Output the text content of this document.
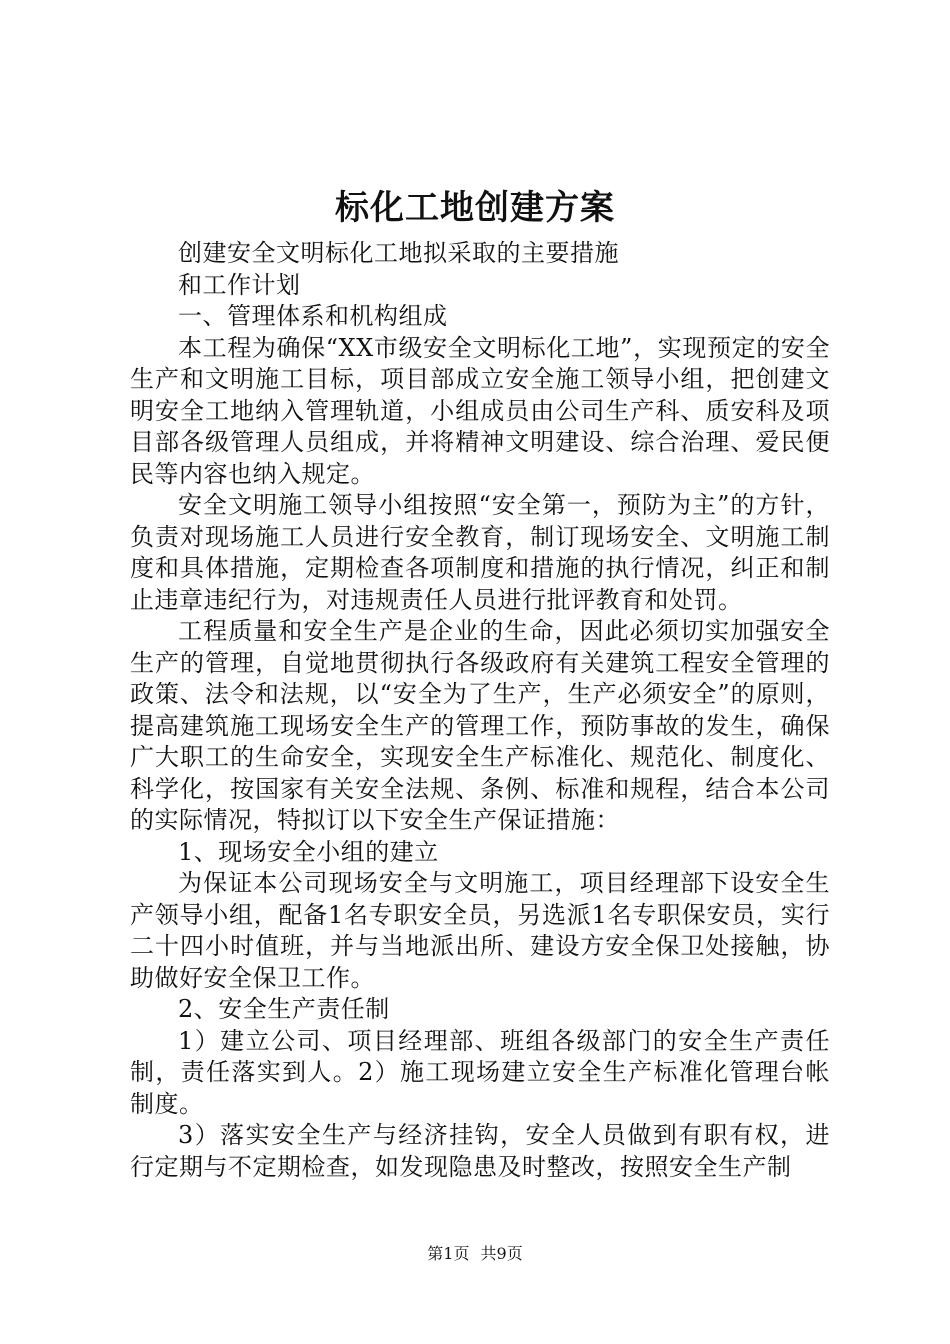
标化工地创建方案

创建安全文明标化工地拟采取的主要措施

和工作计划

一、管理体系和机构组成

本工程为确保“XX市级安全文明标化工地”，实现预定的安全生产和文明施工目标，项目部成立安全施工领导小组，把创建文明安全工地纳入管理轨道，小组成员由公司生产科、质安科及项目部各级管理人员组成，并将精神文明建设、综合治理、爱民便民等内容也纳入规定。

安全文明施工领导小组按照“安全第一，预防为主”的方针，负责对现场施工人员进行安全教育，制订现场安全、文明施工制度和具体措施，定期检查各项制度和措施的执行情况，纠正和制止违章违纪行为，对违规责任人员进行批评教育和处罚。

工程质量和安全生产是企业的生命，因此必须切实加强安全生产的管理，自觉地贯彻执行各级政府有关建筑工程安全管理的政策、法令和法规，以“安全为了生产，生产必须安全”的原则，提高建筑施工现场安全生产的管理工作，预防事故的发生，确保广大职工的生命安全，实现安全生产标准化、规范化、制度化、科学化，按国家有关安全法规、条例、标准和规程，结合本公司的实际情况，特拟订以下安全生产保证措施：

1、现场安全小组的建立

为保证本公司现场安全与文明施工，项目经理部下设安全生产领导小组，配备1名专职安全员，另选派1名专职保安员，实行二十四小时值班，并与当地派出所、建设方安全保卫处接触，协助做好安全保卫工作。

2、安全生产责任制

1）建立公司、项目经理部、班组各级部门的安全生产责任制，责任落实到人。2）施工现场建立安全生产标准化管理台帐制度。

3）落实安全生产与经济挂钩，安全人员做到有职有权，进行定期与不定期检查，如发现隐患及时整改，按照安全生产制

第1页 共9页
